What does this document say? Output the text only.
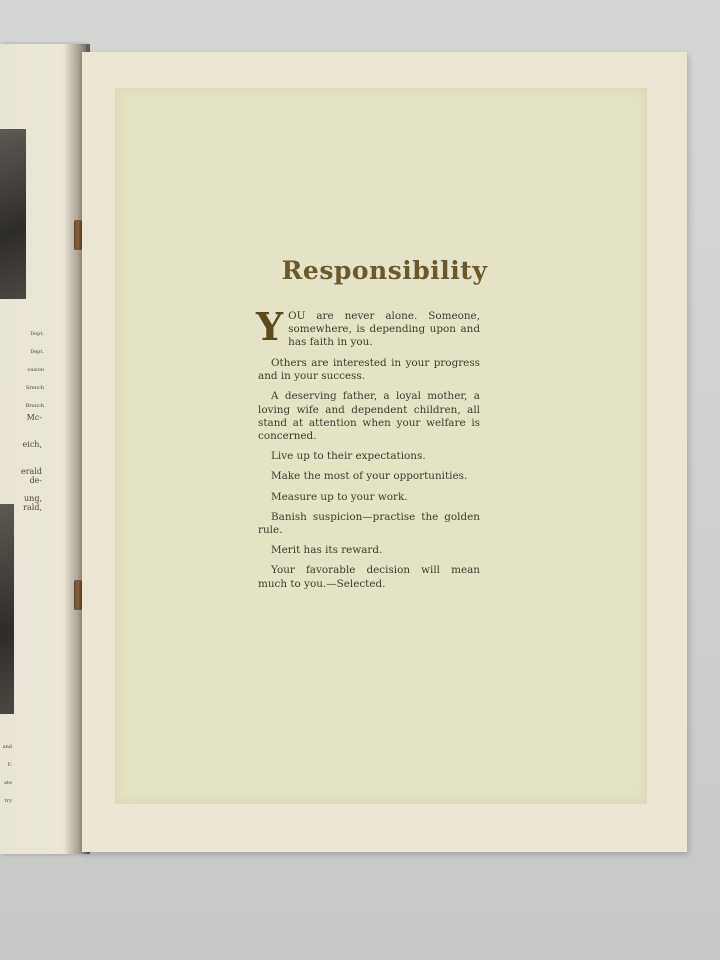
Dept.

Dept.

ousion

Srench

Branch

Mc-

eich,

erald

ung,

de-

rald,

and

F.

ate

try

Responsibility

YOU are never alone. Someone, somewhere, is depending upon and has faith in you.

Others are interested in your progress and in your success.

A deserving father, a loyal mother, a loving wife and dependent children, all stand at attention when your welfare is concerned.

Live up to their expectations.

Make the most of your opportunities.

Measure up to your work.

Banish suspicion—practise the golden rule.

Merit has its reward.

Your favorable decision will mean much to you.—Selected.
